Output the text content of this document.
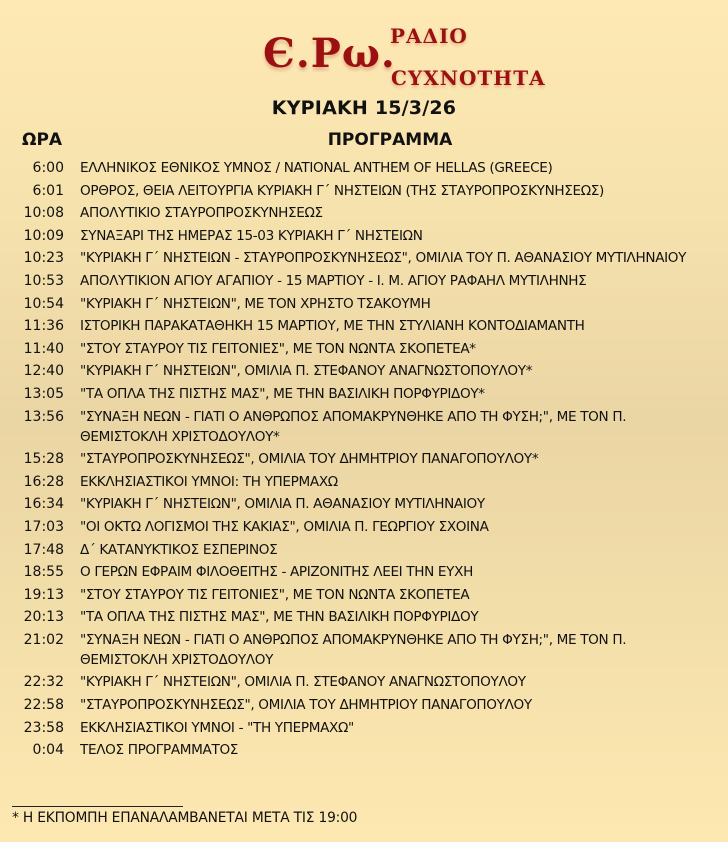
Є.Ρω.
ΡΑΔΙΟ
ϹΥΧΝΟΤΗΤΑ
ΚΥΡΙΑΚΗ 15/3/26
ΠΡΟΓΡΑΜΜΑ
ΩΡΑ
6:00 ΕΛΛΗΝΙΚΟΣ ΕΘΝΙΚΟΣ ΥΜΝΟΣ / NATIONAL ANTHEM OF HELLAS (GREECE)
6:01 ΟΡΘΡΟΣ, ΘΕΙΑ ΛΕΙΤΟΥΡΓΙΑ ΚΥΡΙΑΚΗ Γ΄ ΝΗΣΤΕΙΩΝ (ΤΗΣ ΣΤΑΥΡΟΠΡΟΣΚΥΝΗΣΕΩΣ)
10:08 ΑΠΟΛΥΤΙΚΙΟ ΣΤΑΥΡΟΠΡΟΣΚΥΝΗΣΕΩΣ
10:09 ΣΥΝΑΞΑΡΙ ΤΗΣ ΗΜΕΡΑΣ 15-03 ΚΥΡΙΑΚΗ Γ΄ ΝΗΣΤΕΙΩΝ
10:23 "ΚΥΡΙΑΚΗ Γ΄ ΝΗΣΤΕΙΩΝ - ΣΤΑΥΡΟΠΡΟΣΚΥΝΗΣΕΩΣ", ΟΜΙΛΙΑ ΤΟΥ Π. ΑΘΑΝΑΣΙΟΥ ΜΥΤΙΛΗΝΑΙΟΥ
10:53 ΑΠΟΛΥΤΙΚΙΟΝ ΑΓΙΟΥ ΑΓΑΠΙΟΥ - 15 ΜΑΡΤΙΟΥ - Ι. Μ. ΑΓΙΟΥ ΡΑΦΑΗΛ ΜΥΤΙΛΗΝΗΣ
10:54 "ΚΥΡΙΑΚΗ Γ΄ ΝΗΣΤΕΙΩΝ", ΜΕ ΤΟΝ ΧΡΗΣΤΟ ΤΣΑΚΟΥΜΗ
11:36 ΙΣΤΟΡΙΚΗ ΠΑΡΑΚΑΤΑΘΗΚΗ 15 ΜΑΡΤΙΟΥ, ΜΕ ΤΗΝ ΣΤΥΛΙΑΝΗ ΚΟΝΤΟΔΙΑΜΑΝΤΗ
11:40 "ΣΤΟΥ ΣΤΑΥΡΟΥ ΤΙΣ ΓΕΙΤΟΝΙΕΣ", ΜΕ ΤΟΝ ΝΩΝΤΑ ΣΚΟΠΕΤΕΑ*
12:40 "ΚΥΡΙΑΚΗ Γ΄ ΝΗΣΤΕΙΩΝ", ΟΜΙΛΙΑ Π. ΣΤΕΦΑΝΟΥ ΑΝΑΓΝΩΣΤΟΠΟΥΛΟΥ*
13:05 "ΤΑ ΟΠΛΑ ΤΗΣ ΠΙΣΤΗΣ ΜΑΣ", ΜΕ ΤΗΝ ΒΑΣΙΛΙΚΗ ΠΟΡΦΥΡΙΔΟΥ*
13:56 "ΣΥΝΑΞΗ ΝΕΩΝ - ΓΙΑΤΙ Ο ΑΝΘΡΩΠΟΣ ΑΠΟΜΑΚΡΥΝΘΗΚΕ ΑΠΟ ΤΗ ΦΥΣΗ;", ΜΕ ΤΟΝ Π. ΘΕΜΙΣΤΟΚΛΗ ΧΡΙΣΤΟΔΟΥΛΟΥ*
15:28 "ΣΤΑΥΡΟΠΡΟΣΚΥΝΗΣΕΩΣ", ΟΜΙΛΙΑ ΤΟΥ ΔΗΜΗΤΡΙΟΥ ΠΑΝΑΓΟΠΟΥΛΟΥ*
16:28 ΕΚΚΛΗΣΙΑΣΤΙΚΟΙ ΥΜΝΟΙ: ΤΗ ΥΠΕΡΜΑΧΩ
16:34 "ΚΥΡΙΑΚΗ Γ΄ ΝΗΣΤΕΙΩΝ", ΟΜΙΛΙΑ Π. ΑΘΑΝΑΣΙΟΥ ΜΥΤΙΛΗΝΑΙΟΥ
17:03 "ΟΙ ΟΚΤΩ ΛΟΓΙΣΜΟΙ ΤΗΣ ΚΑΚΙΑΣ", ΟΜΙΛΙΑ Π. ΓΕΩΡΓΙΟΥ ΣΧΟΙΝΑ
17:48 Δ΄ ΚΑΤΑΝΥΚΤΙΚΟΣ ΕΣΠΕΡΙΝΟΣ
18:55 Ο ΓΕΡΩΝ ΕΦΡΑΙΜ ΦΙΛΟΘΕΙΤΗΣ - ΑΡΙΖΟΝΙΤΗΣ ΛΕΕΙ ΤΗΝ ΕΥΧΗ
19:13 "ΣΤΟΥ ΣΤΑΥΡΟΥ ΤΙΣ ΓΕΙΤΟΝΙΕΣ", ΜΕ ΤΟΝ ΝΩΝΤΑ ΣΚΟΠΕΤΕΑ
20:13 "ΤΑ ΟΠΛΑ ΤΗΣ ΠΙΣΤΗΣ ΜΑΣ", ΜΕ ΤΗΝ ΒΑΣΙΛΙΚΗ ΠΟΡΦΥΡΙΔΟΥ
21:02 "ΣΥΝΑΞΗ ΝΕΩΝ - ΓΙΑΤΙ Ο ΑΝΘΡΩΠΟΣ ΑΠΟΜΑΚΡΥΝΘΗΚΕ ΑΠΟ ΤΗ ΦΥΣΗ;", ΜΕ ΤΟΝ Π. ΘΕΜΙΣΤΟΚΛΗ ΧΡΙΣΤΟΔΟΥΛΟΥ
22:32 "ΚΥΡΙΑΚΗ Γ΄ ΝΗΣΤΕΙΩΝ", ΟΜΙΛΙΑ Π. ΣΤΕΦΑΝΟΥ ΑΝΑΓΝΩΣΤΟΠΟΥΛΟΥ
22:58 "ΣΤΑΥΡΟΠΡΟΣΚΥΝΗΣΕΩΣ", ΟΜΙΛΙΑ ΤΟΥ ΔΗΜΗΤΡΙΟΥ ΠΑΝΑΓΟΠΟΥΛΟΥ
23:58 ΕΚΚΛΗΣΙΑΣΤΙΚΟΙ ΥΜΝΟΙ - "ΤΗ ΥΠΕΡΜΑΧΩ"
0:04 ΤΕΛΟΣ ΠΡΟΓΡΑΜΜΑΤΟΣ
* Η ΕΚΠΟΜΠΗ ΕΠΑΝΑΛΑΜΒΑΝΕΤΑΙ ΜΕΤΑ ΤΙΣ 19:00
